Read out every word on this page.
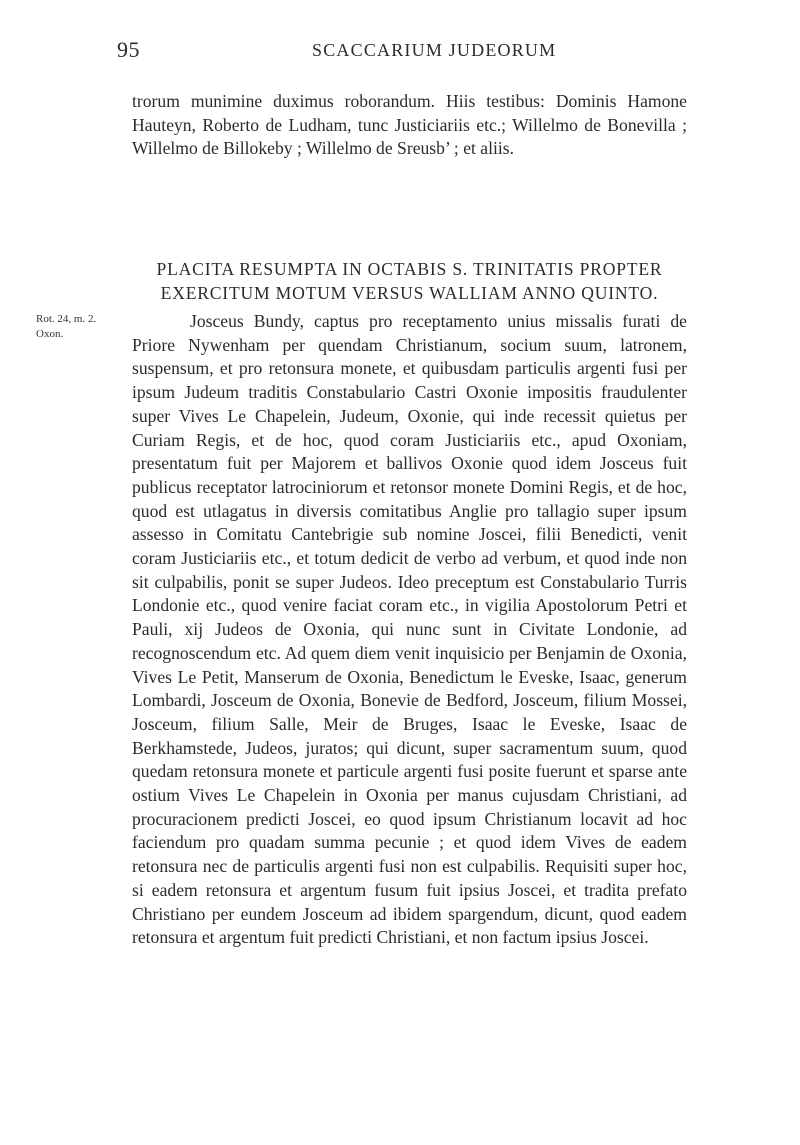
95	SCACCARIUM JUDEORUM

trorum munimine duximus roborandum. Hiis testibus: Dominis Hamone Hauteyn, Roberto de Ludham, tunc Justiciariis etc.; Willelmo de Bonevilla ; Willelmo de Billokeby ; Willelmo de Sreusb’ ; et aliis.

PLACITA RESUMPTA IN OCTABIS S. TRINITATIS PROPTER EXERCITUM MOTUM VERSUS WALLIAM ANNO QUINTO.
Rot. 24, m. 2.
Oxon.

Josceus Bundy, captus pro receptamento unius missalis furati de Priore Nywenham per quendam Christianum, socium suum, latronem, suspensum, et pro retonsura monete, et quibusdam particulis argenti fusi per ipsum Judeum traditis Constabulario Castri Oxonie impositis fraudulenter super Vives Le Chapelein, Judeum, Oxonie, qui inde recessit quietus per Curiam Regis, et de hoc, quod coram Justiciariis etc., apud Oxoniam, presentatum fuit per Majorem et ballivos Oxonie quod idem Josceus fuit publicus receptator latrociniorum et retonsor monete Domini Regis, et de hoc, quod est utlagatus in diversis comitatibus Anglie pro tallagio super ipsum assesso in Comitatu Cantebrigie sub nomine Joscei, filii Benedicti, venit coram Justiciariis etc., et totum dedicit de verbo ad verbum, et quod inde non sit culpabilis, ponit se super Judeos. Ideo preceptum est Constabulario Turris Londonie etc., quod venire faciat coram etc., in vigilia Apostolorum Petri et Pauli, xij Judeos de Oxonia, qui nunc sunt in Civitate Londonie, ad recognoscendum etc. Ad quem diem venit inquisicio per Benjamin de Oxonia, Vives Le Petit, Manserum de Oxonia, Benedictum le Eveske, Isaac, generum Lombardi, Josceum de Oxonia, Bonevie de Bedford, Josceum, filium Mossei, Josceum, filium Salle, Meir de Bruges, Isaac le Eveske, Isaac de Berkhamstede, Judeos, juratos; qui dicunt, super sacramentum suum, quod quedam retonsura monete et particule argenti fusi posite fuerunt et sparse ante ostium Vives Le Chapelein in Oxonia per manus cujusdam Christiani, ad procuracionem predicti Joscei, eo quod ipsum Christianum locavit ad hoc faciendum pro quadam summa pecunie ; et quod idem Vives de eadem retonsura nec de particulis argenti fusi non est culpabilis. Requisiti super hoc, si eadem retonsura et argentum fusum fuit ipsius Joscei, et tradita prefato Christiano per eundem Josceum ad ibidem spargendum, dicunt, quod eadem retonsura et argentum fuit predicti Christiani, et non factum ipsius Joscei.
